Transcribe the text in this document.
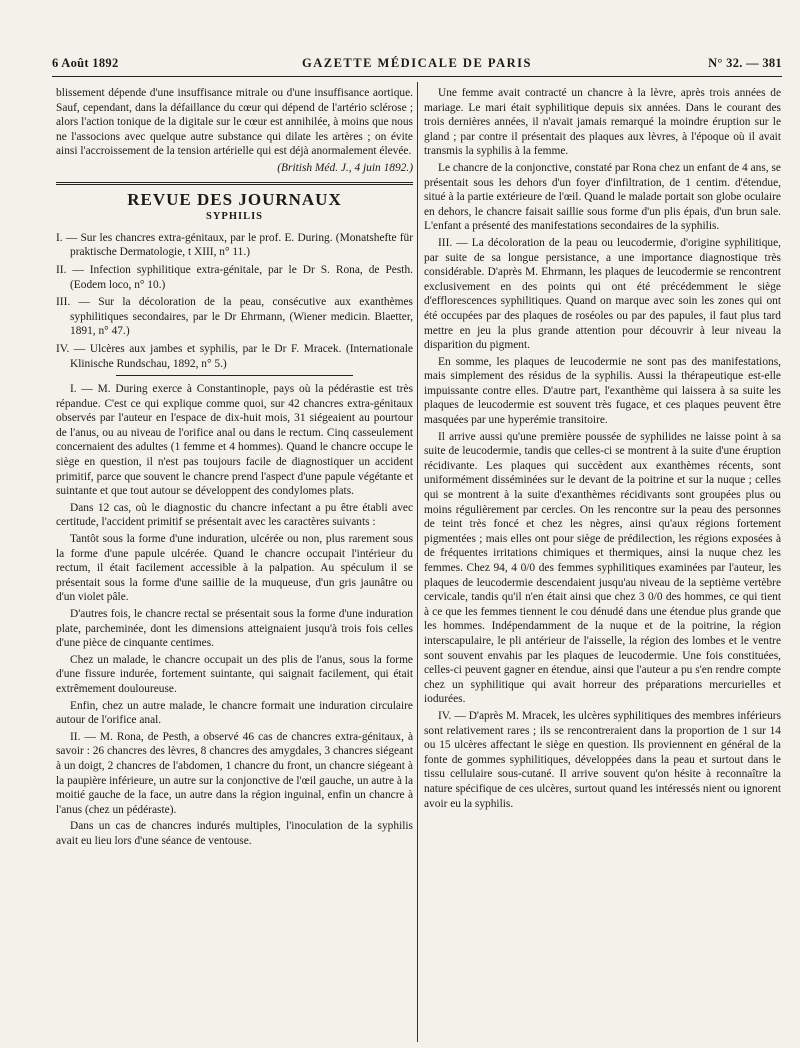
6 Août 1892	GAZETTE MÉDICALE DE PARIS	N° 32. — 381

blissement dépende d'une insuffisance mitrale ou d'une insuffisance aortique. Sauf, cependant, dans la défaillance du cœur qui dépend de l'artério sclérose ; alors l'action tonique de la digitale sur le cœur est annihilée, à moins que nous ne l'associons avec quelque autre substance qui dilate les artères ; on évite ainsi l'accroissement de la tension artérielle qui est déjà anormalement élevée.

(British Méd. J., 4 juin 1892.)
REVUE DES JOURNAUX
SYPHILIS
I. — Sur les chancres extra-génitaux, par le prof. E. During. (Monatshefte für praktische Dermatologie, t XIII, n° 11.)
II. — Infection syphilitique extra-génitale, par le Dr S. Rona, de Pesth. (Eodem loco, n° 10.)
III. — Sur la décoloration de la peau, consécutive aux exanthèmes syphilitiques secondaires, par le Dr Ehrmann, (Wiener medicin. Blaetter, 1891, n° 47.)
IV. — Ulcères aux jambes et syphilis, par le Dr F. Mracek. (Internationale Klinische Rundschau, 1892, n° 5.)

I. — M. During exerce à Constantinople, pays où la pédérastie est très répandue. C'est ce qui explique comme quoi, sur 42 chancres extra-génitaux observés par l'auteur en l'espace de dix-huit mois, 31 siégeaient au pourtour de l'anus, ou au niveau de l'orifice anal ou dans le rectum. Cinq casseulement concernaient des adultes (1 femme et 4 hommes). Quand le chancre occupe le siège en question, il n'est pas toujours facile de diagnostiquer un accident primitif, parce que souvent le chancre prend l'aspect d'une papule végétante et suintante et que tout autour se développent des condylomes plats.

Dans 12 cas, où le diagnostic du chancre infectant a pu être établi avec certitude, l'accident primitif se présentait avec les caractères suivants :

Tantôt sous la forme d'une induration, ulcérée ou non, plus rarement sous la forme d'une papule ulcérée. Quand le chancre occupait l'intérieur du rectum, il était facilement accessible à la palpation. Au spéculum il se présentait sous la forme d'une saillie de la muqueuse, d'un gris jaunâtre ou d'un violet pâle.

D'autres fois, le chancre rectal se présentait sous la forme d'une induration plate, parcheminée, dont les dimensions atteignaient jusqu'à trois fois celles d'une pièce de cinquante centimes.

Chez un malade, le chancre occupait un des plis de l'anus, sous la forme d'une fissure indurée, fortement suintante, qui saignait facilement, qui était extrêmement douloureuse.

Enfin, chez un autre malade, le chancre formait une induration circulaire autour de l'orifice anal.

II. — M. Rona, de Pesth, a observé 46 cas de chancres extra-génitaux, à savoir : 26 chancres des lèvres, 8 chancres des amygdales, 3 chancres siégeant à un doigt, 2 chancres de l'abdomen, 1 chancre du front, un chancre siégeant à la paupière inférieure, un autre sur la conjonctive de l'œil gauche, un autre à la moitié gauche de la face, un autre dans la région inguinal, enfin un chancre à l'anus (chez un pédéraste).

Dans un cas de chancres indurés multiples, l'inoculation de la syphilis avait eu lieu lors d'une séance de ventouse.

Une femme avait contracté un chancre à la lèvre, après trois années de mariage. Le mari était syphilitique depuis six années. Dans le courant des trois dernières années, il n'avait jamais remarqué la moindre éruption sur le gland ; par contre il présentait des plaques aux lèvres, à l'époque où il avait transmis la syphilis à la femme.

Le chancre de la conjonctive, constaté par Rona chez un enfant de 4 ans, se présentait sous les dehors d'un foyer d'infiltration, de 1 centim. d'étendue, situé à la partie extérieure de l'œil. Quand le malade portait son globe oculaire en dehors, le chancre faisait saillie sous forme d'un plis épais, d'un brun sale. L'enfant a présenté des manifestations secondaires de la syphilis.

III. — La décoloration de la peau ou leucodermie, d'origine syphilitique, par suite de sa longue persistance, a une importance diagnostique très considérable. D'après M. Ehrmann, les plaques de leucodermie se rencontrent exclusivement en des points qui ont été précédemment le siège d'efflorescences syphilitiques. Quand on marque avec soin les zones qui ont été occupées par des plaques de roséoles ou par des papules, il faut plus tard mettre en jeu la plus grande attention pour découvrir à leur niveau la disparition du pigment.

En somme, les plaques de leucodermie ne sont pas des manifestations, mais simplement des résidus de la syphilis. Aussi la thérapeutique est-elle impuissante contre elles. D'autre part, l'exanthème qui laissera à sa suite les plaques de leucodermie est souvent très fugace, et ces plaques peuvent être masquées par une hyperémie transitoire.

Il arrive aussi qu'une première poussée de syphilides ne laisse point à sa suite de leucodermie, tandis que celles-ci se montrent à la suite d'une éruption récidivante. Les plaques qui succèdent aux exanthèmes récents, sont uniformément disséminées sur le devant de la poitrine et sur la nuque ; celles qui se montrent à la suite d'exanthèmes récidivants sont groupées plus ou moins régulièrement par cercles. On les rencontre sur la peau des personnes de teint très foncé et chez les nègres, ainsi qu'aux régions fortement pigmentées ; mais elles ont pour siège de prédilection, les régions exposées à de fréquentes irritations chimiques et thermiques, ainsi la nuque chez les femmes. Chez 94, 4 0/0 des femmes syphilitiques examinées par l'auteur, les plaques de leucodermie descendaient jusqu'au niveau de la septième vertèbre cervicale, tandis qu'il n'en était ainsi que chez 3 0/0 des hommes, ce qui tient à ce que les femmes tiennent le cou dénudé dans une étendue plus grande que les hommes. Indépendamment de la nuque et de la poitrine, la région interscapulaire, le pli antérieur de l'aisselle, la région des lombes et le ventre sont souvent envahis par les plaques de leucodermie. Une fois constituées, celles-ci peuvent gagner en étendue, ainsi que l'auteur a pu s'en rendre compte chez un syphilitique qui avait horreur des préparations mercurielles et iodurées.

IV. — D'après M. Mracek, les ulcères syphilitiques des membres inférieurs sont relativement rares ; ils se rencontreraient dans la proportion de 1 sur 14 ou 15 ulcères affectant le siège en question. Ils proviennent en général de la fonte de gommes syphilitiques, développées dans la peau et surtout dans le tissu cellulaire sous-cutané. Il arrive souvent qu'on hésite à reconnaître la nature spécifique de ces ulcères, surtout quand les intéressés nient ou ignorent avoir eu la syphilis.
